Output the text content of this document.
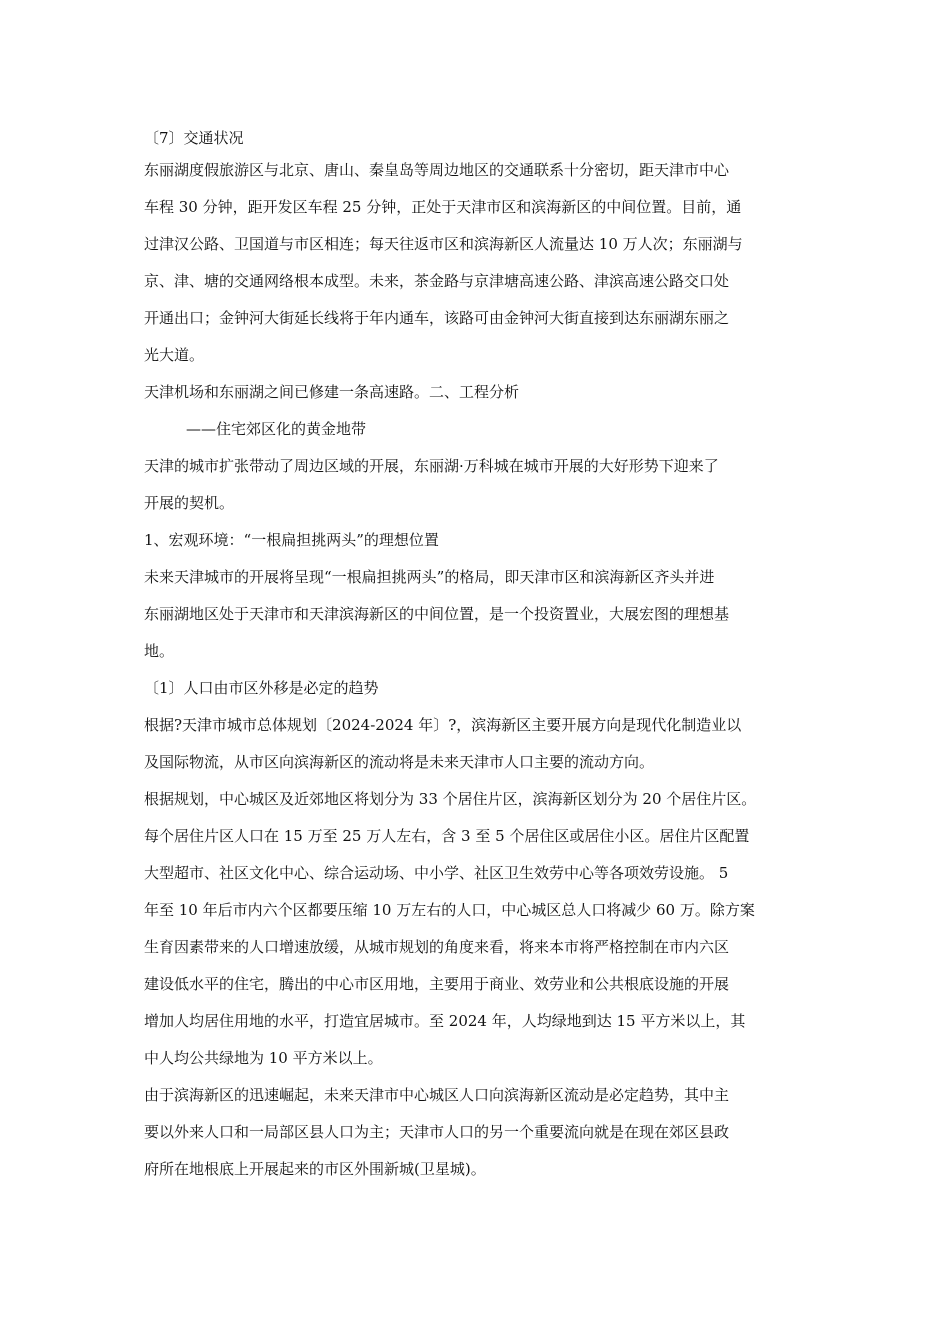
〔7〕交通状况
东丽湖度假旅游区与北京、唐山、秦皇岛等周边地区的交通联系十分密切，距天津市中心
车程 30 分钟，距开发区车程 25 分钟，正处于天津市区和滨海新区的中间位置。目前，通
过津汉公路、卫国道与市区相连；每天往返市区和滨海新区人流量达 10 万人次；东丽湖与
京、津、塘的交通网络根本成型。未来，茶金路与京津塘高速公路、津滨高速公路交口处
开通出口；金钟河大街延长线将于年内通车，该路可由金钟河大街直接到达东丽湖东丽之
光大道。
天津机场和东丽湖之间已修建一条高速路。二、工程分析
——住宅郊区化的黄金地带
天津的城市扩张带动了周边区域的开展，东丽湖·万科城在城市开展的大好形势下迎来了
开展的契机。
1、宏观环境：“一根扁担挑两头”的理想位置
未来天津城市的开展将呈现“一根扁担挑两头”的格局，即天津市区和滨海新区齐头并进
东丽湖地区处于天津市和天津滨海新区的中间位置，是一个投资置业，大展宏图的理想基
地。
〔1〕人口由市区外移是必定的趋势
根据?天津市城市总体规划〔2024-2024 年〕?，滨海新区主要开展方向是现代化制造业以
及国际物流，从市区向滨海新区的流动将是未来天津市人口主要的流动方向。
根据规划，中心城区及近郊地区将划分为 33 个居住片区，滨海新区划分为 20 个居住片区。
每个居住片区人口在 15 万至 25 万人左右，含 3 至 5 个居住区或居住小区。居住片区配置
大型超市、社区文化中心、综合运动场、中小学、社区卫生效劳中心等各项效劳设施。 5
年至 10 年后市内六个区都要压缩 10 万左右的人口，中心城区总人口将减少 60 万。除方案
生育因素带来的人口增速放缓，从城市规划的角度来看，将来本市将严格控制在市内六区
建设低水平的住宅，腾出的中心市区用地，主要用于商业、效劳业和公共根底设施的开展
增加人均居住用地的水平，打造宜居城市。至 2024 年，人均绿地到达 15 平方米以上，其
中人均公共绿地为 10 平方米以上。
由于滨海新区的迅速崛起，未来天津市中心城区人口向滨海新区流动是必定趋势，其中主
要以外来人口和一局部区县人口为主；天津市人口的另一个重要流向就是在现在郊区县政
府所在地根底上开展起来的市区外围新城(卫星城)。
